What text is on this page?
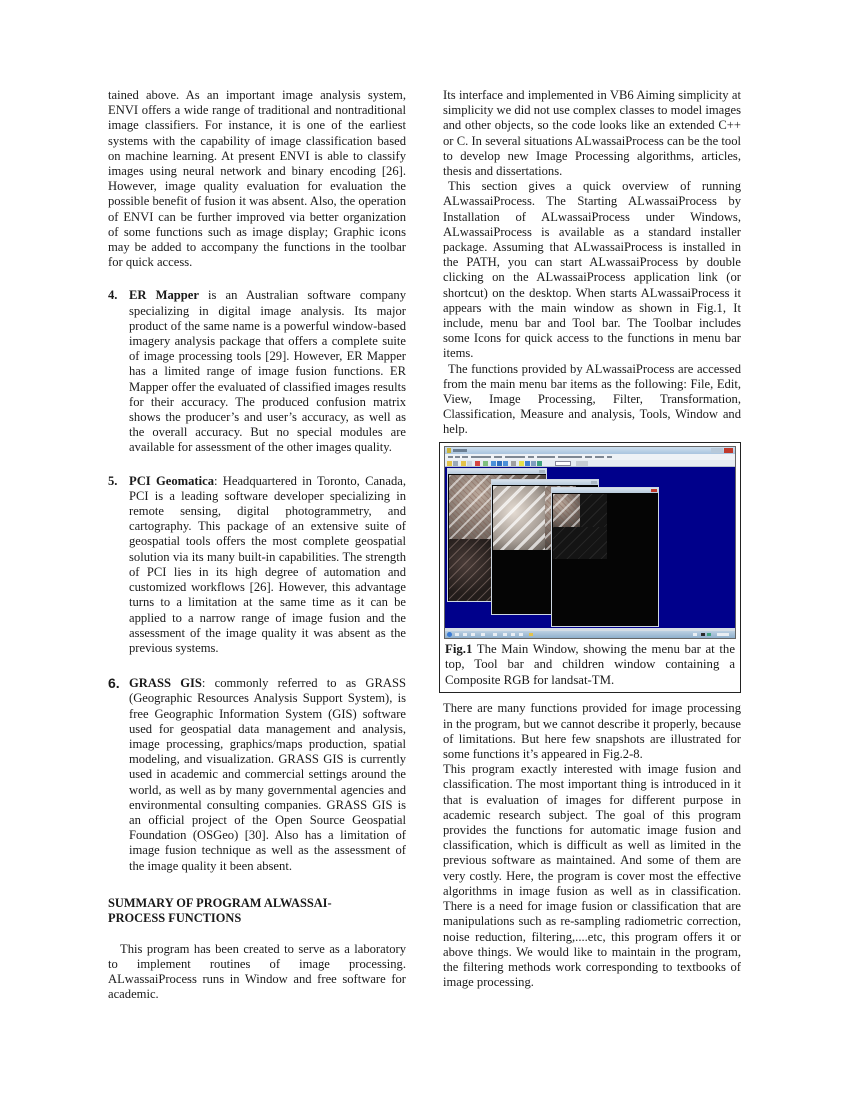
tained above. As an important image analysis system, ENVI offers a wide range of traditional and nontraditional image classifiers. For instance, it is one of the earliest systems with the capability of image classification based on machine learning. At present ENVI is able to classify images using neural network and binary encoding [26]. However, image quality evaluation for evaluation the possible benefit of fusion it was absent. Also, the operation of ENVI can be further improved via better organization of some functions such as image display; Graphic icons may be added to accompany the functions in the toolbar for quick access.

4. ER Mapper is an Australian software company specializing in digital image analysis. Its major product of the same name is a powerful window-based imagery analysis package that offers a complete suite of image processing tools [29]. However, ER Mapper has a limited range of image fusion functions. ER Mapper offer the evaluated of classified images results for their accuracy. The produced confusion matrix shows the producer’s and user’s accuracy, as well as the overall accuracy. But no special modules are available for assessment of the other images quality.
5. PCI Geomatica: Headquartered in Toronto, Canada, PCI is a leading software developer specializing in remote sensing, digital photogrammetry, and cartography. This package of an extensive suite of geospatial tools offers the most complete geospatial solution via its many built-in capabilities. The strength of PCI lies in its high degree of automation and customized workflows [26]. However, this advantage turns to a limitation at the same time as it can be applied to a narrow range of image fusion and the assessment of the image quality it was absent as the previous systems.
6. GRASS GIS: commonly referred to as GRASS (Geographic Resources Analysis Support System), is free Geographic Information System (GIS) software used for geospatial data management and analysis, image processing, graphics/maps production, spatial modeling, and visualization. GRASS GIS is currently used in academic and commercial settings around the world, as well as by many governmental agencies and environmental consulting companies. GRASS GIS is an official project of the Open Source Geospatial Foundation (OSGeo) [30]. Also has a limitation of image fusion technique as well as the assessment of the image quality it been absent.
SUMMARY OF PROGRAM ALWASSAI-
PROCESS FUNCTIONS

This program has been created to serve as a laboratory to implement routines of image processing. ALwassaiProcess runs in Window and free software for academic.

Its interface and implemented in VB6 Aiming simplicity at simplicity we did not use complex classes to model images and other objects, so the code looks like an extended C++ or C. In several situations ALwassaiProcess can be the tool to develop new Image Processing algorithms, articles, thesis and dissertations.

This section gives a quick overview of running ALwassaiProcess. The Starting ALwassaiProcess by Installation of ALwassaiProcess under Windows, ALwassaiProcess is available as a standard installer package. Assuming that ALwassaiProcess is installed in the PATH, you can start ALwassaiProcess by double clicking on the ALwassaiProcess application link (or shortcut) on the desktop. When starts ALwassaiProcess it appears with the main window as shown in Fig.1, It include, menu bar and Tool bar. The Toolbar includes some Icons for quick access to the functions in menu bar items.

The functions provided by ALwassaiProcess are accessed from the main menu bar items as the following: File, Edit, View, Image Processing, Filter, Transformation, Classification, Measure and analysis, Tools, Window and help.

Fig.1 The Main Window, showing the menu bar at the top, Tool bar and children window containing a Composite RGB for landsat-TM.

There are many functions provided for image processing in the program, but we cannot describe it properly, because of limitations. But here few snapshots are illustrated for some functions it’s appeared in Fig.2-8.

This program exactly interested with image fusion and classification. The most important thing is introduced in it that is evaluation of images for different purpose in academic research subject. The goal of this program provides the functions for automatic image fusion and classification, which is difficult as well as limited in the previous software as maintained. And some of them are very costly. Here, the program is cover most the effective algorithms in image fusion as well as in classification. There is a need for image fusion or classification that are manipulations such as re-sampling radiometric correction, noise reduction, filtering,....etc, this program offers it or above things. We would like to maintain in the program, the filtering methods work corresponding to textbooks of image processing.
